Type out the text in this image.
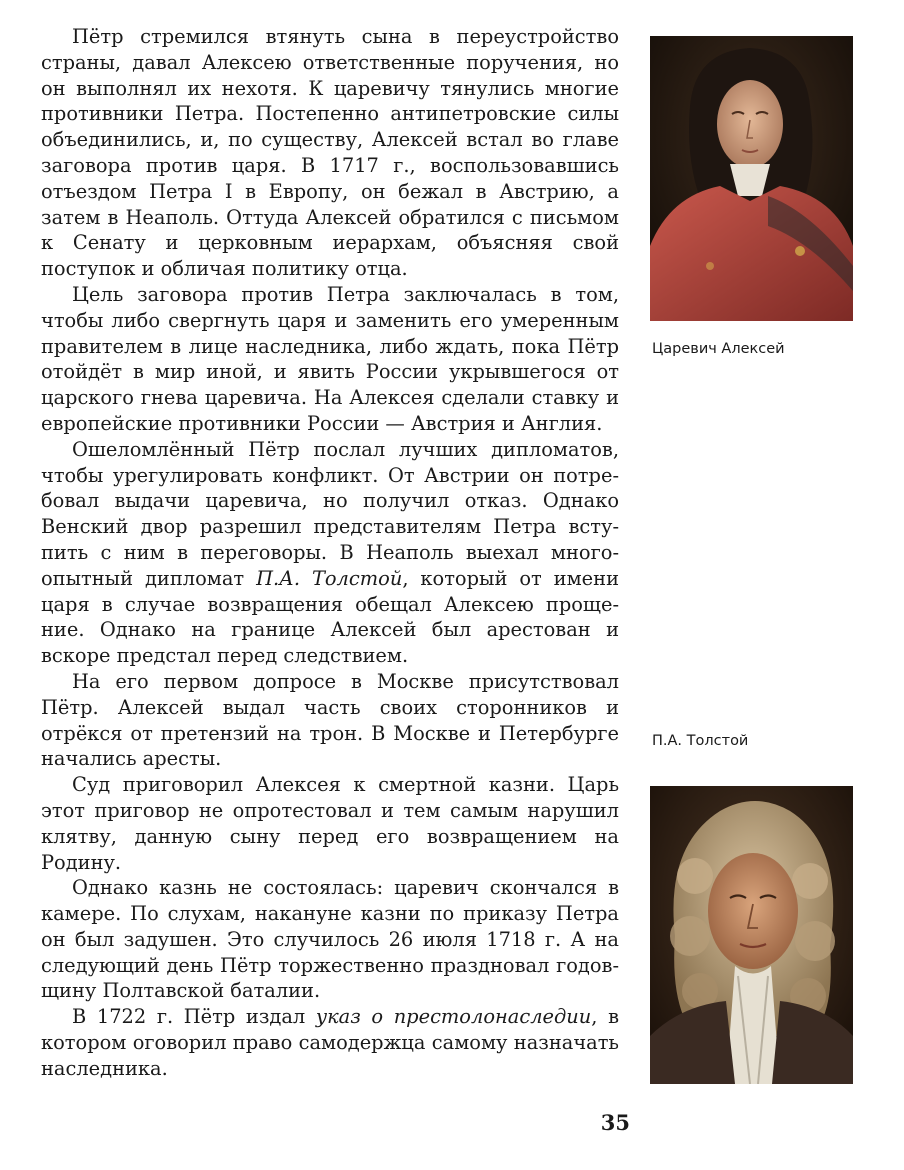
Пётр стремился втянуть сына в переустройство страны, давал Алексею ответственные поручения, но он выполнял их нехотя. К царевичу тянулись многие противники Петра. Постепенно антипетровские силы объединились, и, по существу, Алексей встал во главе заговора против царя. В 1717 г., воспользовавшись отъездом Петра I в Европу, он бежал в Австрию, а затем в Неаполь. Оттуда Алексей обратился с письмом к Сенату и церковным иерархам, объясняя свой поступок и обличая политику отца.

Цель заговора против Петра заключалась в том, чтобы либо свергнуть царя и заменить его умеренным правителем в лице наследника, либо ждать, пока Пётр отойдёт в мир иной, и явить России укрывшегося от царского гнева царевича. На Алексея сделали ставку и европейские противники России — Австрия и Англия.

Ошеломлённый Пётр послал лучших дипломатов, чтобы урегулировать конфликт. От Австрии он потребовал выдачи царевича, но получил отказ. Однако Венский двор разрешил представителям Петра вступить с ним в переговоры. В Неаполь выехал многоопытный дипломат П.А. Толстой, который от имени царя в случае возвращения обещал Алексею прощение. Однако на границе Алексей был арестован и вскоре предстал перед следствием.

На его первом допросе в Москве присутствовал Пётр. Алексей выдал часть своих сторонников и отрёкся от претензий на трон. В Москве и Петербурге начались аресты.

Суд приговорил Алексея к смертной казни. Царь этот приговор не опротестовал и тем самым нарушил клятву, данную сыну перед его возвращением на Родину.

Однако казнь не состоялась: царевич скончался в камере. По слухам, накануне казни по приказу Петра он был задушен. Это случилось 26 июля 1718 г. А на следующий день Пётр торжественно праздновал годовщину Полтавской баталии.

В 1722 г. Пётр издал указ о престолонаследии, в котором оговорил право самодержца самому назначать наследника.

Царевич Алексей
П.А. Толстой
35
